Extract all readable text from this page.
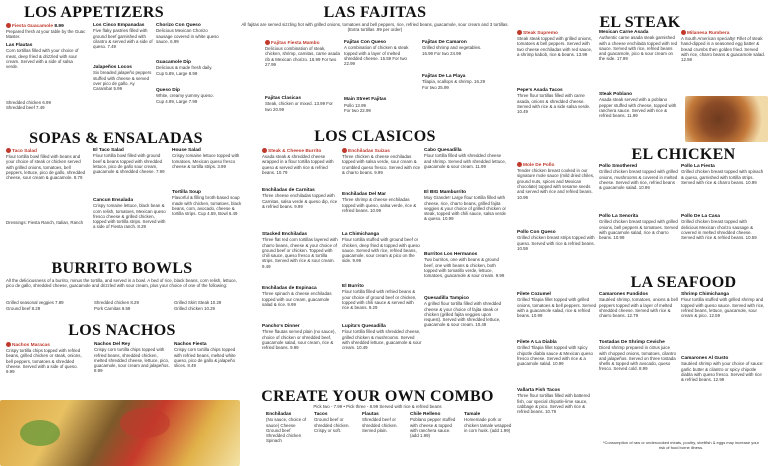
LOS APPETIZERS
Fiesta Guacamole 8.99
Prepared fresh at your table by the Guac Master.
Las Flautas
Corn tortillas filled with your choice of meat, deep fried & drizzled with sour cream. Served with a side of salsa verde.
Shredded chicken 6.99
Shredded beef 7.49
Los Cinco Empanadas
Five flaky pastries filled with ground beef garnished with cilantro & served with a side of queso. 7.49
Jalapeños Locos
Six breaded jalapeño peppers stuffed with cheese & served over pico de gallo. Ay Caramba! 5.99
Chorizo Con Queso
Delicious Mexican Chorizo sausage covered in white queso sauce. 6.99
Guacamole Dip
Delicious & made fresh daily. Cup 5.89, Large 8.99
Queso Dip
White, creamy yummy queso. Cup 4.99, Large 7.99
SOPAS & ENSALADAS
Taco Salad
Flour tortilla bowl filled with beans and your choice of steak or chicken served with grilled onions, tomatoes, bell peppers, lettuce, pico de gallo, shredded cheese, sour cream & guacamole. 8.79
Dressings: Fiesta Ranch, Italian, Ranch
El Taco Salad
Flour tortilla bowl filled with ground beef & beans topped with shredded lettuce, pico de gallo sour cream, guacamole & shredded cheese. 7.99
Cancun Ensalada
Crispy romaine lettuce, black bean & corn relish, tomatoes, Mexican queso fresco cheese & grilled chicken, topped with tortilla strips. Served with a side of Fiesta ranch. 8.29
House Salad
Crispy romaine lettuce topped with tomatoes, Mexican queso fresco cheese & tortilla strips. 3.99
Tortilla Soup
Flavorful & filling broth-based soup made with chicken, tomatoes, black beans, corn, avocado, cheese & tortilla strips. Cup 4.59, Bowl 6.49
BURRITO BOWLS
All the deliciousness of a burrito, minus the tortilla, and served in a bowl. A bed of rice, black beans, corn relish, lettuce, pico de gallo, shredded cheese, guacamole and drizzled with sour cream, plus your choice of one of the following:
Grilled seasonal veggies 7.89
Ground beef 8.29
Shredded chicken 8.29
Pork Carnitas 9.59
Grilled Skirt Steak 10.29
Grilled chicken 10.29
LOS NACHOS
Nachos Maracas
Crispy tortilla chips topped with refried beans, grilled chicken or steak, onions, bell peppers, tomatoes & shredded cheese. Served with a side of queso. 9.99
Nachos Del Rey
Crispy corn tortilla chips topped with refried beans, shredded chicken, melted shredded cheese, lettuce, pico, guacamole, sour cream and jalapeños. 8.99
Nachos Fiesta
Crispy corn tortilla chips topped with refried beans, melted white queso, pico de gallo & jalapeño slices. 8.49
LAS FAJITAS
All fajitas are served sizzling hot with grilled onions, tomatoes and bell peppers, rice, refried beans, guacamole, sour cream and 3 tortillas. (Extra tortillas .99 per order)
Fajitas Fiesta Mambo
Delicious combination of steak, chicken, shrimp, carnitas, carne asada rib & Mexican chorizo. 16.99 For two 27.99
Fajitas Con Queso
A combination of chicken & steak topped with a layer of melted shredded cheese. 15.59 For two 22.99
Fajitas De Camaron
Grilled shrimp and vegetables. 16.99 For two 24.99
Fajitas De La Playa
Tilapia, scallops & shrimp. 16.29 For two 25.99
Fajitas Clasicas
Steak, chicken or mixed. 13.99 For two 20.99

Main Street Fajitas
Pollo 13.99
For two 22.99

LOS CLASICOS
Steak & Cheese Burrito
Asada steak & shredded cheese wrapped in a flour tortilla topped with queso & served with rice & refried beans. 10.79
Enchiladas Suizas
Three chicken & cheese enchiladas topped with salsa verde, sour cream & crumbled queso fresco. Served with rice & charro beans. 9.99
Cabo Quesadilla
Flour tortilla filled with shredded cheese and shrimp. Served with shredded lettuce, guacamole & sour cream. 11.99
Enchiladas de Carnitas
Three cheese enchiladas topped with Carnitas, salsa verde & queso dip, rice & refried beans. 9.99
Enchiladas Del Mar
Three shrimp & cheese enchiladas topped with queso, salsa verde, rice & refried beans. 10.99
El BIG Mamburrito
Muy Grande!! Large flour tortilla filled with cheese, rice, charro beans, grilled fajita veggies & your choice of grilled chicken or steak, topped with chili sauce, salsa verde & queso. 10.99
Stacked Enchiladas
Three flat red corn tortillas layered with charro beans, cheese & your choice of ground beef or chicken. Topped with chili sauce, queso fresco & tortilla strips. Served with rice & sour cream. 9.49
La Chimichanga
Flour tortilla stuffed with ground beef or chicken, deep fried & topped with queso sauce. Served with rice, refried beans, guacamole, sour cream & pico on the side. 9.99
Burritos Los Hermanos
Two burritos, one with beans & ground beef, one with beans & chicken, both topped with tomatillo verde, lettuce, tomatoes, guacamole & sour cream. 9.99
Enchiladas de Espinaca
Three spinach & cheese enchiladas topped with our cream, guacamole salad & rice. 9.99
El Burrito
Flour tortilla filled with refried beans & your choice of ground beef or chicken, topped with chili sauce & served with rice & beans. 9.29
Quesadilla Tampico
A grilled flour tortilla filled with shredded cheese & your choice of fajita steak or chicken (grilled fajita veggies upon request). Served with shredded lettuce, guacamole & sour cream. 10.49
Pancho's Dinner
Three flautas served plain (no sauce), choice of chicken or shredded beef, guacamole salad, sour cream, rice & refried beans. 9.99
Lupita's Quesadilla
Flour tortilla filled with shredded cheese, grilled chicken & mushrooms. Served with shredded lettuce, guacamole & sour cream. 10.49
EL STEAK
Steak Supremo
Steak steak topped with grilled onions, tomatoes & bell peppers. Served with two cheese enchiladas with red sauce, a shrimp kabob, rice & beans. 13.99
Mexican Carne Asada
Authentic carne asada steak garnished with a cheese enchilada topped with red sauce. Served with rice, refried beans and guacamole, pico & sour cream on the side. 17.99
Milanesa Rumbera
A South American specialty! Fillet of steak hand-dipped in a seasoned egg batter & bread crumbs then golden fried. Served with rice, charro beans & guacamole salad. 12.59
Pepe's Asada Tacos
Three flour tortillas filled with carne asada, onions & shredded cheese. Served with rice & a side salsa verde. 10.49
Steak Poblano
Asada steak served with a poblano pepper stuffed with cheese, topped with ranchera sauce. Served with rice & refried beans. 11.99
Mole De Pollo
Tender chicken breast cooked in our signature mole sauce (mild dried chiles, ground nuts, spices and Mexican chocolate) topped with sesame seeds and served with rice and refried beans. 10.99
Pollo Con Queso
Grilled chicken breast strips topped with queso. Served with rice & refried beans. 10.59
EL CHICKEN
Pollo Smothered
Grilled chicken breast topped with grilled onions, mushrooms & covered in melted cheese. Served with rice, refried beans & guacamole salad. 10.99
Pollo La Fiesta
Grilled chicken breast topped with spinach & queso, garnished with tortilla strips. Served with rice & charro beans. 10.99
Pollo La Senorita
Grilled chicken breast topped with grilled onions, bell peppers & tomatoes. Served with guacamole salad, rice & charro beans. 10.99
Pollo De La Casa
Grilled chicken breast topped with delicious Mexican chorizo sausage & covered in melted shredded cheese. Served with rice & refried beans. 10.59
LA SEAFOOD
Filete Cozumel
Grilled Tilapia fillet topped with grilled onions, tomatoes & bell peppers. Served with a guacamole salad, rice & refried beans. 10.99
Camarones Fundidos
Sautéed shrimp, tomatoes, onions & bell peppers topped with a layer of melted shredded cheese. Served with rice & charro beans. 12.79
Shrimp Chimichanga
Flour tortilla stuffed with grilled shrimp and topped with queso sauce. Served with rice, refried beans, lettuce, guacamole, sour cream & pico. 12.59
Filete A La Diabla
Grilled Tilapia fillet topped with spicy chipotle diabla sauce & Mexican queso fresco cheese. Served with rice & a guacamole salad. 10.99
Tostadas De Shrimp Ceviche
Diced shrimp prepared in citrus juice with chopped onions, tomatoes, cilantro and jalapeños. Served on three tostada shells & topped with avocado, queso fresco. Served cold. 8.99
Camarones Al Gusto
Sautéed shrimp with your choice of sauce: garlic butter & cilantro or spicy chipotle diabla with queso fresco. Served with rice & refried beans. 12.99
Vallarta Fish Tacos
Three flour tortillas filled with battered fish, our special chipotle-lime sauce, cabbage & pico. Served with rice & refried beans. 10.79
CREATE YOUR OWN COMBO
Pick two - 7.99 • Pick three - 8.99 Served with rice & refried beans
Enchiladas
(No sauce, choice of sauce) Cheese Ground beef Shredded chicken Spinach
Tacos
Ground beef or shredded chicken. Crispy or soft.
Flautas
Shredded beef or shredded chicken. Served plain.
Chile Relleno
Poblano pepper stuffed with cheese & topped with ranchera sauce. (add 1.99)
Tamale
Homemade pork or chicken tamale wrapped in corn husk. (add 1.99)
*Consumption of raw or undercooked meats, poultry, shellfish & eggs may increase your risk of food borne illness.
